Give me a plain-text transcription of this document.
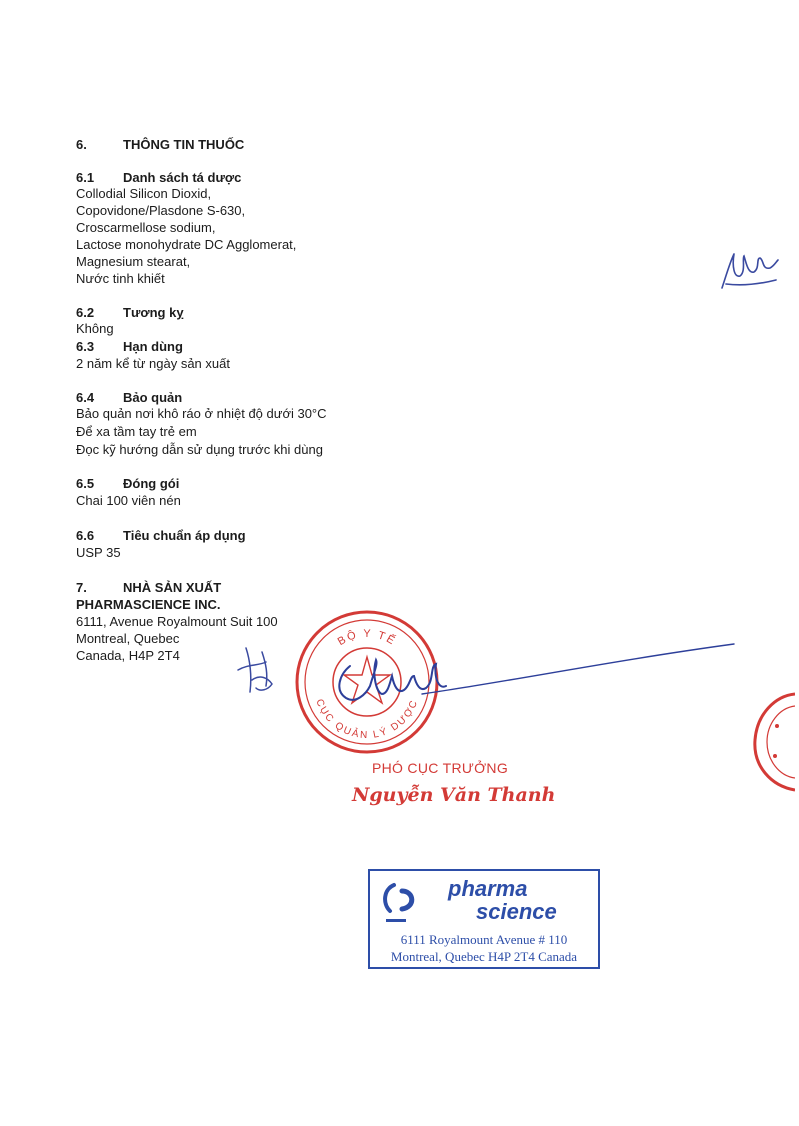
6.	THÔNG TIN THUỐC
6.1 Danh sách tá dược
Collodial Silicon Dioxid,
Copovidone/Plasdone S-630,
Croscarmellose sodium,
Lactose monohydrate DC Agglomerat,
Magnesium stearat,
Nước tinh khiết
6.2 Tương kỵ
Không
6.3 Hạn dùng
2 năm kể từ ngày sản xuất
6.4 Bảo quản
Bảo quản nơi khô ráo ở nhiệt độ dưới 30°C
Để xa tầm tay trẻ em
Đọc kỹ hướng dẫn sử dụng trước khi dùng
6.5 Đóng gói
Chai 100 viên nén
6.6 Tiêu chuẩn áp dụng
USP 35
7.	NHÀ SẢN XUẤT
PHARMASCIENCE INC.
6111, Avenue Royalmount Suit 100
Montreal, Quebec
Canada, H4P 2T4
BỘ Y TẾ
CỤC QUẢN LÝ DƯỢC
PHÓ CỤC TRƯỞNG
Nguyễn Văn Thanh
pharma
science
6111 Royalmount Avenue # 110
Montreal, Quebec H4P 2T4 Canada
